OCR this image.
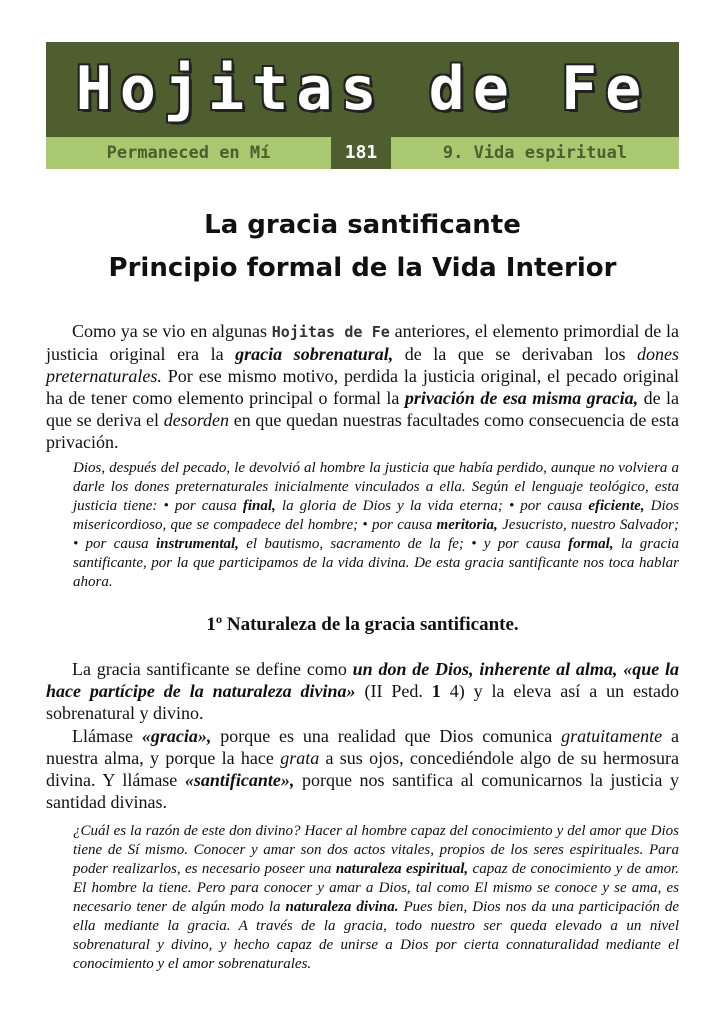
Hojitas de Fe
Permaneced en Mí	181	9. Vida espiritual
La gracia santificante
Principio formal de la Vida Interior

Como ya se vio en algunas Hojitas de Fe anteriores, el elemento primordial de la justicia original era la gracia sobrenatural, de la que se derivaban los dones preternaturales. Por ese mismo motivo, perdida la justicia original, el pecado original ha de tener como elemento principal o formal la privación de esa misma gracia, de la que se deriva el desorden en que quedan nuestras facultades como consecuencia de esta privación.

Dios, después del pecado, le devolvió al hombre la justicia que había perdido, aunque no volviera a darle los dones preternaturales inicialmente vinculados a ella. Según el lenguaje teológico, esta justicia tiene: • por causa final, la gloria de Dios y la vida eterna; • por causa eficiente, Dios misericordioso, que se compadece del hombre; • por causa meritoria, Jesucristo, nuestro Salvador; • por causa instrumental, el bautismo, sacramento de la fe; • y por causa formal, la gracia santificante, por la que participamos de la vida divina. De esta gracia santificante nos toca hablar ahora.

1º Naturaleza de la gracia santificante.

La gracia santificante se define como un don de Dios, inherente al alma, «que la hace partícipe de la naturaleza divina» (II Ped. 1 4) y la eleva así a un estado sobrenatural y divino.

Llámase «gracia», porque es una realidad que Dios comunica gratuitamente a nuestra alma, y porque la hace grata a sus ojos, concediéndole algo de su hermosura divina. Y llámase «santificante», porque nos santifica al comunicarnos la justicia y santidad divinas.

¿Cuál es la razón de este don divino? Hacer al hombre capaz del conocimiento y del amor que Dios tiene de Sí mismo. Conocer y amar son dos actos vitales, propios de los seres espirituales. Para poder realizarlos, es necesario poseer una naturaleza espiritual, capaz de conocimiento y de amor. El hombre la tiene. Pero para conocer y amar a Dios, tal como El mismo se conoce y se ama, es necesario tener de algún modo la naturaleza divina. Pues bien, Dios nos da una participación de ella mediante la gracia. A través de la gracia, todo nuestro ser queda elevado a un nivel sobrenatural y divino, y hecho capaz de unirse a Dios por cierta connaturalidad mediante el conocimiento y el amor sobrenaturales.
